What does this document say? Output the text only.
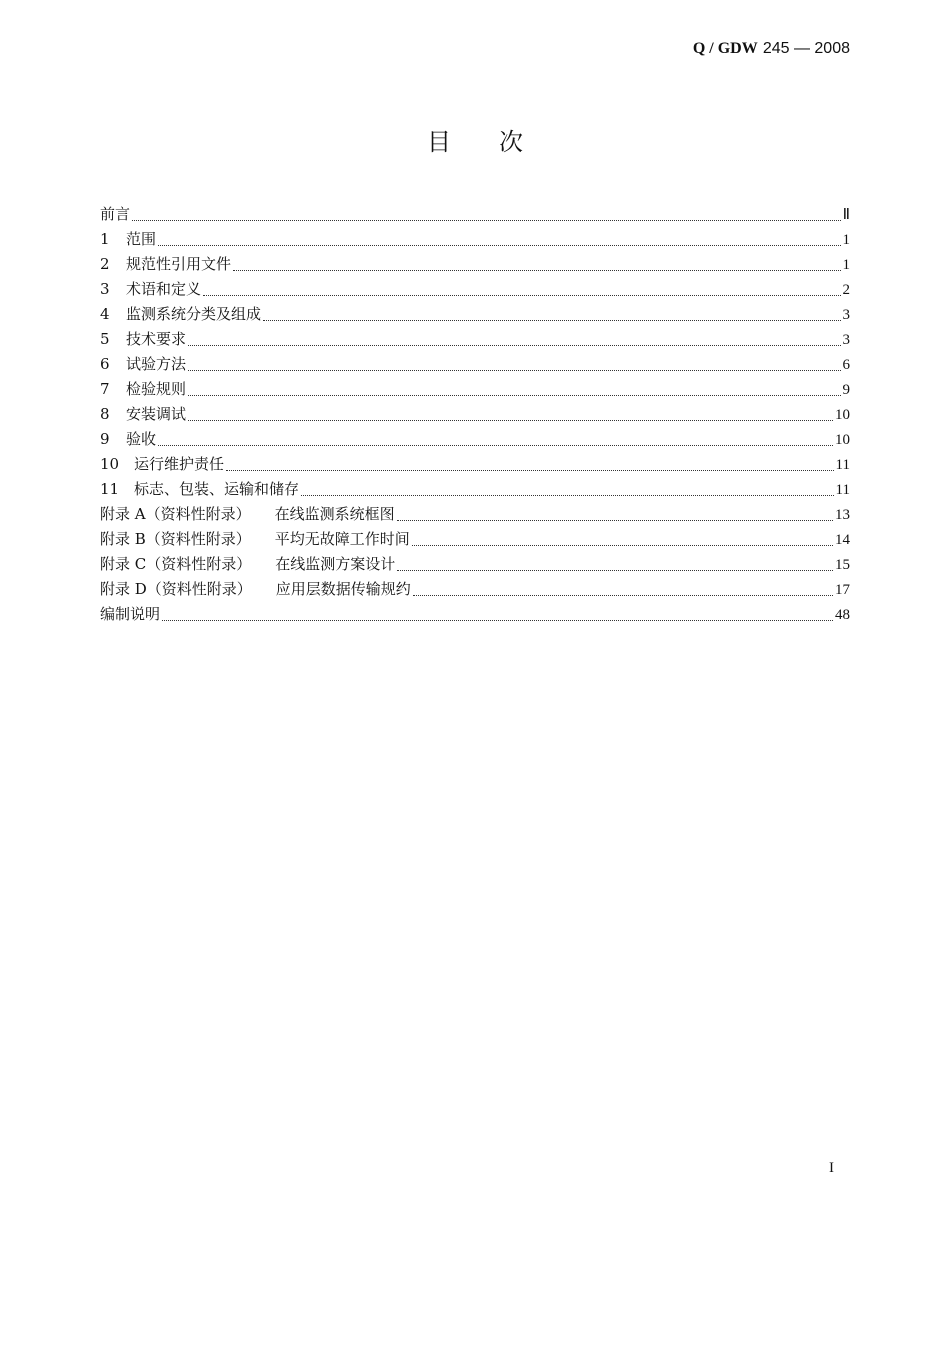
Q / GDW 245 — 2008
目 次
前言	Ⅱ
1	范围	1
2	规范性引用文件	1
3	术语和定义	2
4	监测系统分类及组成	3
5	技术要求	3
6	试验方法	6
7	检验规则	9
8	安装调试	10
9	验收	10
10 运行维护责任	11
11 标志、包装、运输和储存	11
附录 A（资料性附录） 在线监测系统框图	13
附录 B（资料性附录） 平均无故障工作时间	14
附录 C（资料性附录） 在线监测方案设计	15
附录 D（资料性附录） 应用层数据传输规约	17
编制说明	48
I
